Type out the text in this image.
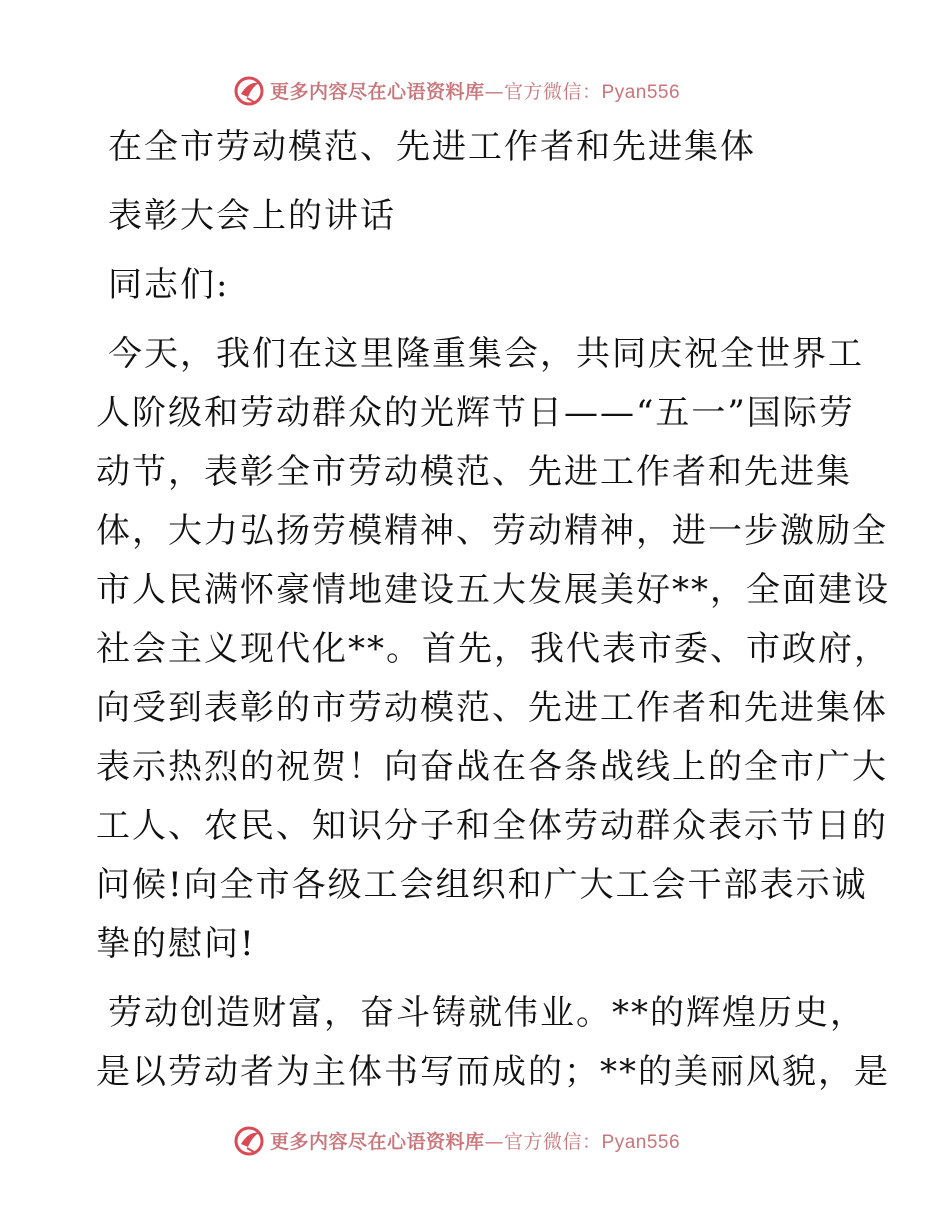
更多内容尽在心语资料库—官方微信：Pyan556
在全市劳动模范、先进工作者和先进集体
表彰大会上的讲话
同志们:
今天，我们在这里隆重集会，共同庆祝全世界工
人阶级和劳动群众的光辉节日——“五一”国际劳
动节，表彰全市劳动模范、先进工作者和先进集
体，大力弘扬劳模精神、劳动精神，进一步激励全
市人民满怀豪情地建设五大发展美好**，全面建设
社会主义现代化**。首先，我代表市委、市政府，
向受到表彰的市劳动模范、先进工作者和先进集体
表示热烈的祝贺！向奋战在各条战线上的全市广大
工人、农民、知识分子和全体劳动群众表示节日的
问候!向全市各级工会组织和广大工会干部表示诚
挚的慰问!
劳动创造财富，奋斗铸就伟业。**的辉煌历史，
是以劳动者为主体书写而成的；**的美丽风貌，是
更多内容尽在心语资料库—官方微信：Pyan556
